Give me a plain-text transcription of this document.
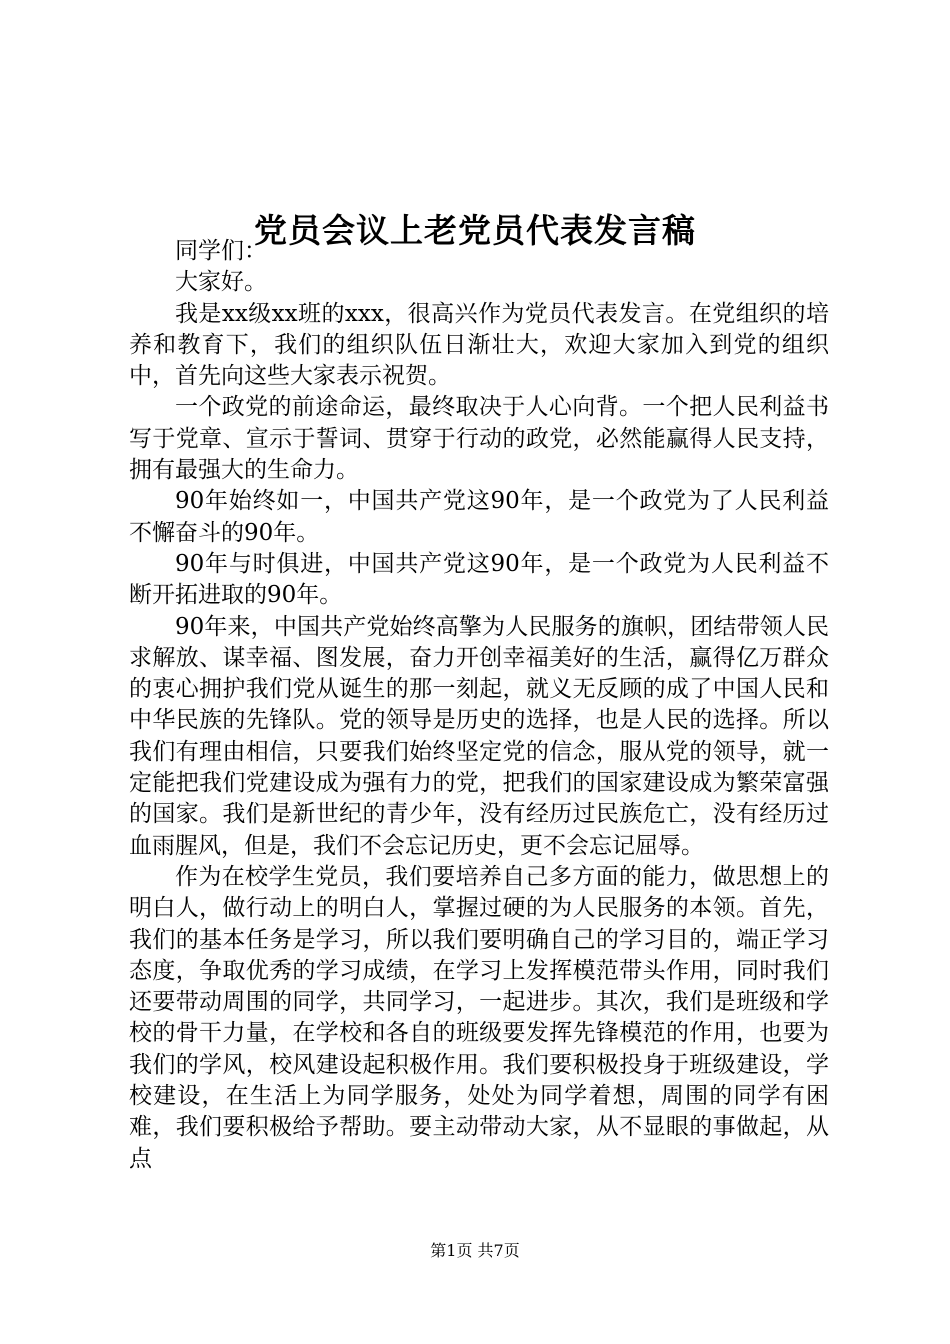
党员会议上老党员代表发言稿

同学们：

大家好。

我是xx级xx班的xxx，很高兴作为党员代表发言。在党组织的培养和教育下，我们的组织队伍日渐壮大，欢迎大家加入到党的组织中，首先向这些大家表示祝贺。

一个政党的前途命运，最终取决于人心向背。一个把人民利益书写于党章、宣示于誓词、贯穿于行动的政党，必然能赢得人民支持，拥有最强大的生命力。

90年始终如一，中国共产党这90年，是一个政党为了人民利益不懈奋斗的90年。

90年与时俱进，中国共产党这90年，是一个政党为人民利益不断开拓进取的90年。

90年来，中国共产党始终高擎为人民服务的旗帜，团结带领人民求解放、谋幸福、图发展，奋力开创幸福美好的生活，赢得亿万群众的衷心拥护我们党从诞生的那一刻起，就义无反顾的成了中国人民和中华民族的先锋队。党的领导是历史的选择，也是人民的选择。所以我们有理由相信，只要我们始终坚定党的信念，服从党的领导，就一定能把我们党建设成为强有力的党，把我们的国家建设成为繁荣富强的国家。我们是新世纪的青少年，没有经历过民族危亡，没有经历过血雨腥风，但是，我们不会忘记历史，更不会忘记屈辱。

作为在校学生党员，我们要培养自己多方面的能力，做思想上的明白人，做行动上的明白人，掌握过硬的为人民服务的本领。首先，我们的基本任务是学习，所以我们要明确自己的学习目的，端正学习态度，争取优秀的学习成绩，在学习上发挥模范带头作用，同时我们还要带动周围的同学，共同学习，一起进步。其次，我们是班级和学校的骨干力量，在学校和各自的班级要发挥先锋模范的作用，也要为我们的学风，校风建设起积极作用。我们要积极投身于班级建设，学校建设，在生活上为同学服务，处处为同学着想，周围的同学有困难，我们要积极给予帮助。要主动带动大家，从不显眼的事做起，从点

第1页 共7页
